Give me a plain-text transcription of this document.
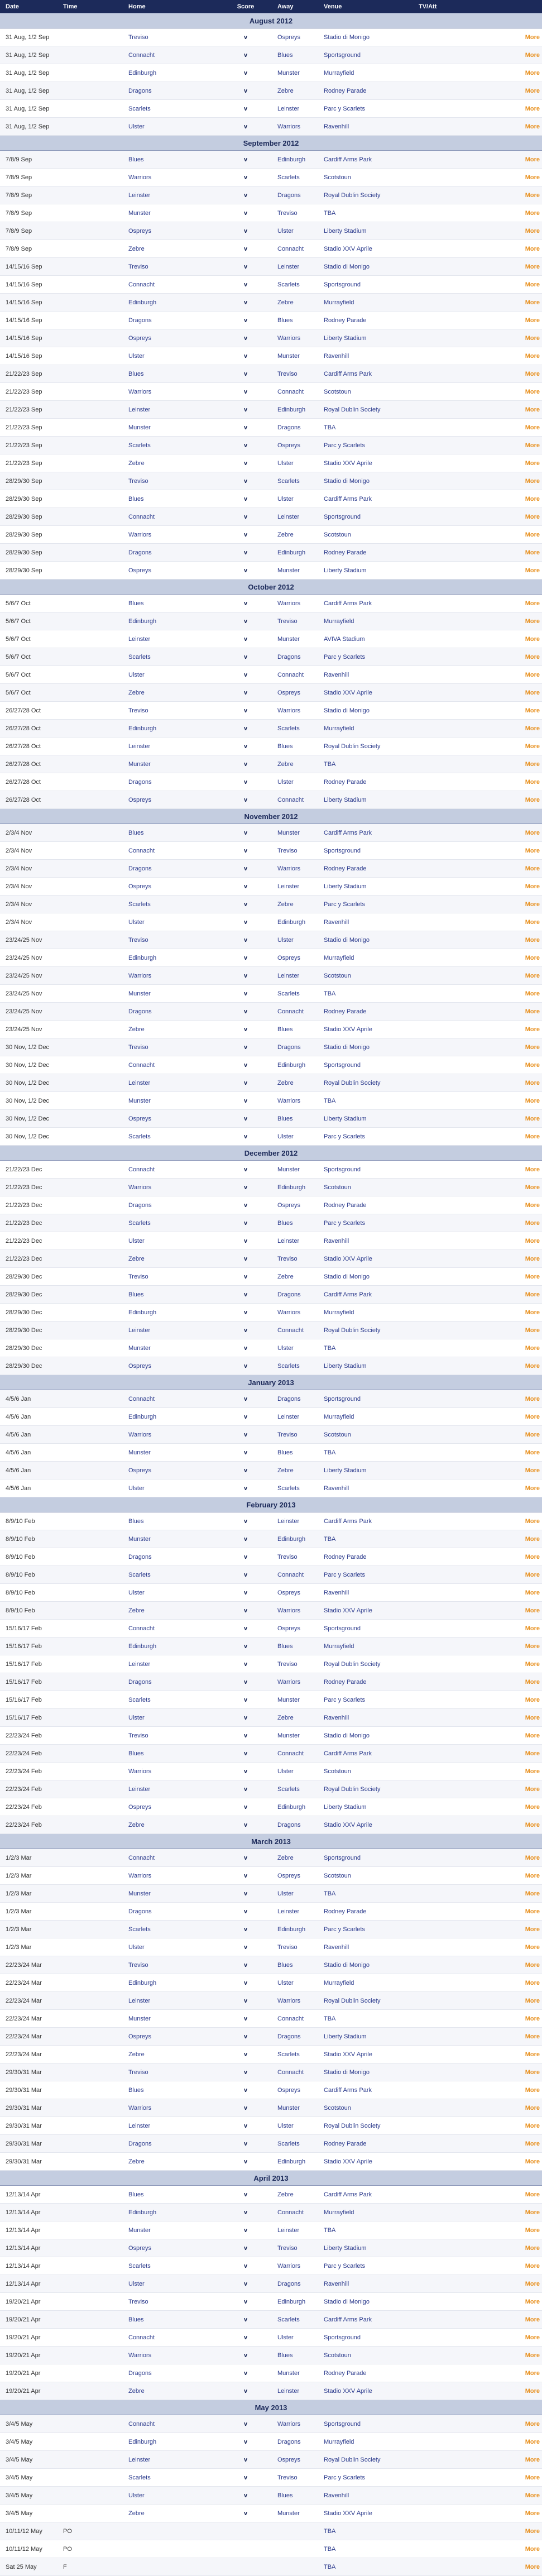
Date	Time	Home	Score	Away	Venue	TV/Att
August 2012						
31 Aug, 1/2 Sep		Treviso	v	Ospreys	Stadio di Monigo	More
31 Aug, 1/2 Sep		Connacht	v	Blues	Sportsground	More
31 Aug, 1/2 Sep		Edinburgh	v	Munster	Murrayfield	More
31 Aug, 1/2 Sep		Dragons	v	Zebre	Rodney Parade	More
31 Aug, 1/2 Sep		Scarlets	v	Leinster	Parc y Scarlets	More
31 Aug, 1/2 Sep		Ulster	v	Warriors	Ravenhill	More
September 2012						
7/8/9 Sep		Blues	v	Edinburgh	Cardiff Arms Park	More
7/8/9 Sep		Warriors	v	Scarlets	Scotstoun	More
7/8/9 Sep		Leinster	v	Dragons	Royal Dublin Society	More
7/8/9 Sep		Munster	v	Treviso	TBA	More
7/8/9 Sep		Ospreys	v	Ulster	Liberty Stadium	More
7/8/9 Sep		Zebre	v	Connacht	Stadio XXV Aprile	More
14/15/16 Sep		Treviso	v	Leinster	Stadio di Monigo	More
14/15/16 Sep		Connacht	v	Scarlets	Sportsground	More
14/15/16 Sep		Edinburgh	v	Zebre	Murrayfield	More
14/15/16 Sep		Dragons	v	Blues	Rodney Parade	More
14/15/16 Sep		Ospreys	v	Warriors	Liberty Stadium	More
14/15/16 Sep		Ulster	v	Munster	Ravenhill	More
21/22/23 Sep		Blues	v	Treviso	Cardiff Arms Park	More
21/22/23 Sep		Warriors	v	Connacht	Scotstoun	More
21/22/23 Sep		Leinster	v	Edinburgh	Royal Dublin Society	More
21/22/23 Sep		Munster	v	Dragons	TBA	More
21/22/23 Sep		Scarlets	v	Ospreys	Parc y Scarlets	More
21/22/23 Sep		Zebre	v	Ulster	Stadio XXV Aprile	More
28/29/30 Sep		Treviso	v	Scarlets	Stadio di Monigo	More
28/29/30 Sep		Blues	v	Ulster	Cardiff Arms Park	More
28/29/30 Sep		Connacht	v	Leinster	Sportsground	More
28/29/30 Sep		Warriors	v	Zebre	Scotstoun	More
28/29/30 Sep		Dragons	v	Edinburgh	Rodney Parade	More
28/29/30 Sep		Ospreys	v	Munster	Liberty Stadium	More
October 2012						
5/6/7 Oct		Blues	v	Warriors	Cardiff Arms Park	More
5/6/7 Oct		Edinburgh	v	Treviso	Murrayfield	More
5/6/7 Oct		Leinster	v	Munster	AVIVA Stadium	More
5/6/7 Oct		Scarlets	v	Dragons	Parc y Scarlets	More
5/6/7 Oct		Ulster	v	Connacht	Ravenhill	More
5/6/7 Oct		Zebre	v	Ospreys	Stadio XXV Aprile	More
26/27/28 Oct		Treviso	v	Warriors	Stadio di Monigo	More
26/27/28 Oct		Edinburgh	v	Scarlets	Murrayfield	More
26/27/28 Oct		Leinster	v	Blues	Royal Dublin Society	More
26/27/28 Oct		Munster	v	Zebre	TBA	More
26/27/28 Oct		Dragons	v	Ulster	Rodney Parade	More
26/27/28 Oct		Ospreys	v	Connacht	Liberty Stadium	More
November 2012						
2/3/4 Nov		Blues	v	Munster	Cardiff Arms Park	More
2/3/4 Nov		Connacht	v	Treviso	Sportsground	More
2/3/4 Nov		Dragons	v	Warriors	Rodney Parade	More
2/3/4 Nov		Ospreys	v	Leinster	Liberty Stadium	More
2/3/4 Nov		Scarlets	v	Zebre	Parc y Scarlets	More
2/3/4 Nov		Ulster	v	Edinburgh	Ravenhill	More
23/24/25 Nov		Treviso	v	Ulster	Stadio di Monigo	More
23/24/25 Nov		Edinburgh	v	Ospreys	Murrayfield	More
23/24/25 Nov		Warriors	v	Leinster	Scotstoun	More
23/24/25 Nov		Munster	v	Scarlets	TBA	More
23/24/25 Nov		Dragons	v	Connacht	Rodney Parade	More
23/24/25 Nov		Zebre	v	Blues	Stadio XXV Aprile	More
30 Nov, 1/2 Dec		Treviso	v	Dragons	Stadio di Monigo	More
30 Nov, 1/2 Dec		Connacht	v	Edinburgh	Sportsground	More
30 Nov, 1/2 Dec		Leinster	v	Zebre	Royal Dublin Society	More
30 Nov, 1/2 Dec		Munster	v	Warriors	TBA	More
30 Nov, 1/2 Dec		Ospreys	v	Blues	Liberty Stadium	More
30 Nov, 1/2 Dec		Scarlets	v	Ulster	Parc y Scarlets	More
December 2012						
21/22/23 Dec		Connacht	v	Munster	Sportsground	More
21/22/23 Dec		Warriors	v	Edinburgh	Scotstoun	More
21/22/23 Dec		Dragons	v	Ospreys	Rodney Parade	More
21/22/23 Dec		Scarlets	v	Blues	Parc y Scarlets	More
21/22/23 Dec		Ulster	v	Leinster	Ravenhill	More
21/22/23 Dec		Zebre	v	Treviso	Stadio XXV Aprile	More
28/29/30 Dec		Treviso	v	Zebre	Stadio di Monigo	More
28/29/30 Dec		Blues	v	Dragons	Cardiff Arms Park	More
28/29/30 Dec		Edinburgh	v	Warriors	Murrayfield	More
28/29/30 Dec		Leinster	v	Connacht	Royal Dublin Society	More
28/29/30 Dec		Munster	v	Ulster	TBA	More
28/29/30 Dec		Ospreys	v	Scarlets	Liberty Stadium	More
January 2013						
4/5/6 Jan		Connacht	v	Dragons	Sportsground	More
4/5/6 Jan		Edinburgh	v	Leinster	Murrayfield	More
4/5/6 Jan		Warriors	v	Treviso	Scotstoun	More
4/5/6 Jan		Munster	v	Blues	TBA	More
4/5/6 Jan		Ospreys	v	Zebre	Liberty Stadium	More
4/5/6 Jan		Ulster	v	Scarlets	Ravenhill	More
February 2013						
8/9/10 Feb		Blues	v	Leinster	Cardiff Arms Park	More
8/9/10 Feb		Munster	v	Edinburgh	TBA	More
8/9/10 Feb		Dragons	v	Treviso	Rodney Parade	More
8/9/10 Feb		Scarlets	v	Connacht	Parc y Scarlets	More
8/9/10 Feb		Ulster	v	Ospreys	Ravenhill	More
8/9/10 Feb		Zebre	v	Warriors	Stadio XXV Aprile	More
15/16/17 Feb		Connacht	v	Ospreys	Sportsground	More
15/16/17 Feb		Edinburgh	v	Blues	Murrayfield	More
15/16/17 Feb		Leinster	v	Treviso	Royal Dublin Society	More
15/16/17 Feb		Dragons	v	Warriors	Rodney Parade	More
15/16/17 Feb		Scarlets	v	Munster	Parc y Scarlets	More
15/16/17 Feb		Ulster	v	Zebre	Ravenhill	More
22/23/24 Feb		Treviso	v	Munster	Stadio di Monigo	More
22/23/24 Feb		Blues	v	Connacht	Cardiff Arms Park	More
22/23/24 Feb		Warriors	v	Ulster	Scotstoun	More
22/23/24 Feb		Leinster	v	Scarlets	Royal Dublin Society	More
22/23/24 Feb		Ospreys	v	Edinburgh	Liberty Stadium	More
22/23/24 Feb		Zebre	v	Dragons	Stadio XXV Aprile	More
March 2013						
1/2/3 Mar		Connacht	v	Zebre	Sportsground	More
1/2/3 Mar		Warriors	v	Ospreys	Scotstoun	More
1/2/3 Mar		Munster	v	Ulster	TBA	More
1/2/3 Mar		Dragons	v	Leinster	Rodney Parade	More
1/2/3 Mar		Scarlets	v	Edinburgh	Parc y Scarlets	More
1/2/3 Mar		Ulster	v	Treviso	Ravenhill	More
22/23/24 Mar		Treviso	v	Blues	Stadio di Monigo	More
22/23/24 Mar		Edinburgh	v	Ulster	Murrayfield	More
22/23/24 Mar		Leinster	v	Warriors	Royal Dublin Society	More
22/23/24 Mar		Munster	v	Connacht	TBA	More
22/23/24 Mar		Ospreys	v	Dragons	Liberty Stadium	More
22/23/24 Mar		Zebre	v	Scarlets	Stadio XXV Aprile	More
29/30/31 Mar		Treviso	v	Connacht	Stadio di Monigo	More
29/30/31 Mar		Blues	v	Ospreys	Cardiff Arms Park	More
29/30/31 Mar		Warriors	v	Munster	Scotstoun	More
29/30/31 Mar		Leinster	v	Ulster	Royal Dublin Society	More
29/30/31 Mar		Dragons	v	Scarlets	Rodney Parade	More
29/30/31 Mar		Zebre	v	Edinburgh	Stadio XXV Aprile	More
April 2013						
12/13/14 Apr		Blues	v	Zebre	Cardiff Arms Park	More
12/13/14 Apr		Edinburgh	v	Connacht	Murrayfield	More
12/13/14 Apr		Munster	v	Leinster	TBA	More
12/13/14 Apr		Ospreys	v	Treviso	Liberty Stadium	More
12/13/14 Apr		Scarlets	v	Warriors	Parc y Scarlets	More
12/13/14 Apr		Ulster	v	Dragons	Ravenhill	More
19/20/21 Apr		Treviso	v	Edinburgh	Stadio di Monigo	More
19/20/21 Apr		Blues	v	Scarlets	Cardiff Arms Park	More
19/20/21 Apr		Connacht	v	Ulster	Sportsground	More
19/20/21 Apr		Warriors	v	Blues	Scotstoun	More
19/20/21 Apr		Dragons	v	Munster	Rodney Parade	More
19/20/21 Apr		Zebre	v	Leinster	Stadio XXV Aprile	More
May 2013						
3/4/5 May		Connacht	v	Warriors	Sportsground	More
3/4/5 May		Edinburgh	v	Dragons	Murrayfield	More
3/4/5 May		Leinster	v	Ospreys	Royal Dublin Society	More
3/4/5 May		Scarlets	v	Treviso	Parc y Scarlets	More
3/4/5 May		Ulster	v	Blues	Ravenhill	More
3/4/5 May		Zebre	v	Munster	Stadio XXV Aprile	More
10/11/12 May	PO				TBA	More
10/11/12 May	PO				TBA	More
Sat 25 May	F				TBA	More
